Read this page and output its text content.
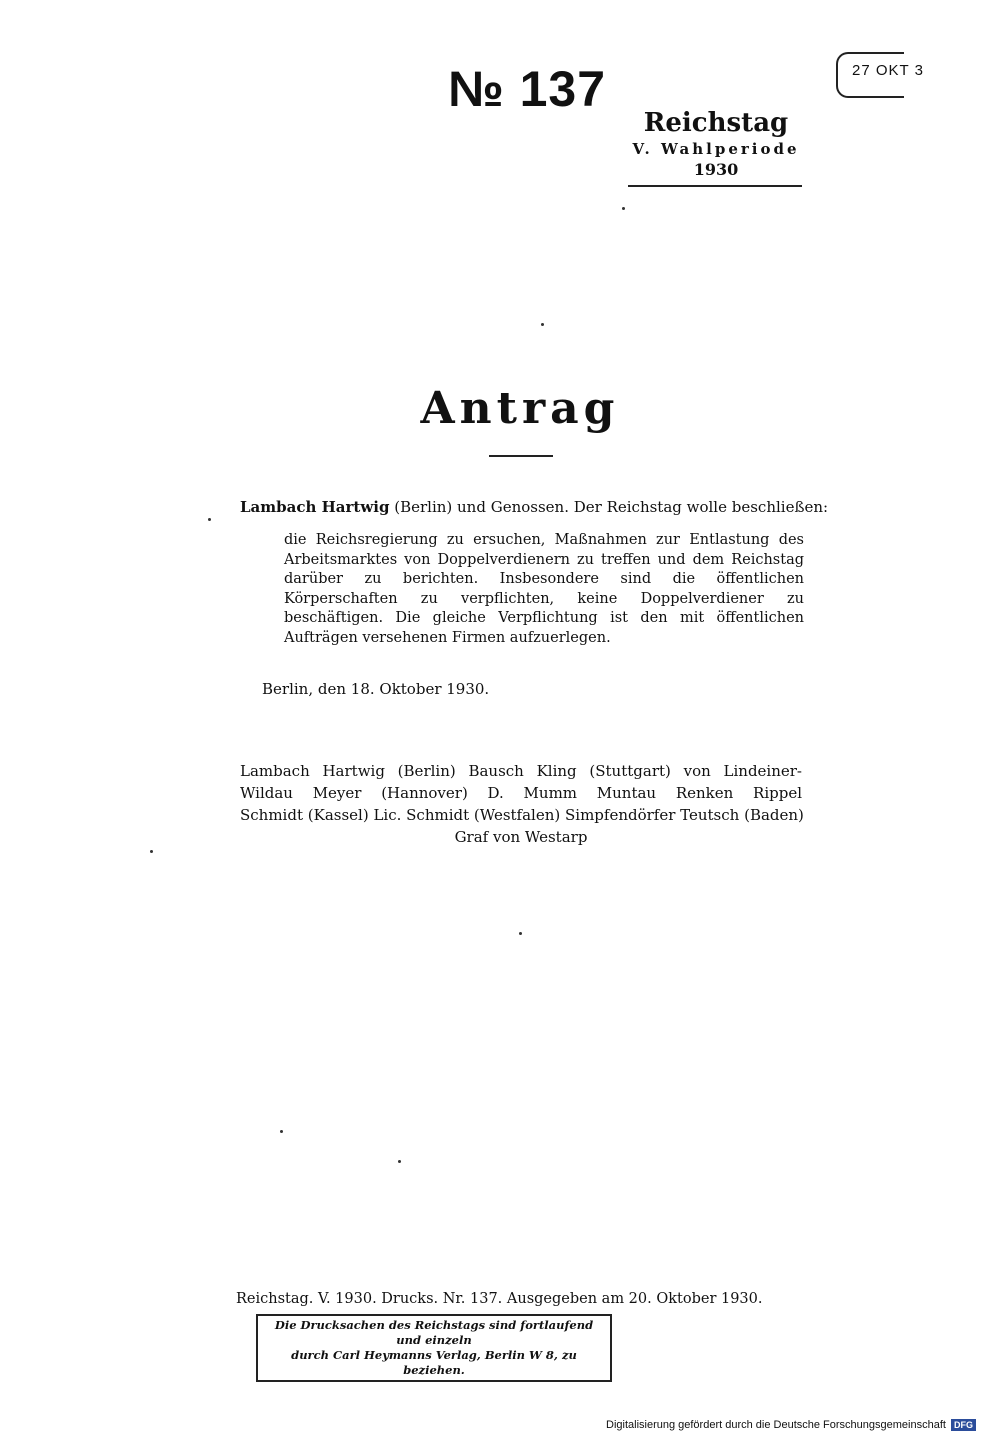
№ 137	27 OKT 3
Reichstag
V. Wahlperiode
1930
Antrag
Lambach Hartwig (Berlin) und Genossen. Der Reichstag wolle beschließen:
die Reichsregierung zu ersuchen, Maßnahmen zur Entlastung des Arbeitsmarktes von Doppelverdienern zu treffen und dem Reichstag darüber zu berichten. Insbesondere sind die öffentlichen Körperschaften zu verpflichten, keine Doppelverdiener zu beschäftigen. Die gleiche Verpflichtung ist den mit öffentlichen Aufträgen versehenen Firmen aufzuerlegen.
Berlin, den 18. Oktober 1930.
Lambach Hartwig (Berlin) Bausch Kling (Stuttgart) von Lindeiner-
Wildau Meyer (Hannover) D. Mumm Muntau Renken Rippel
Schmidt (Kassel) Lic. Schmidt (Westfalen) Simpfendörfer Teutsch (Baden)
Graf von Westarp
Reichstag. V. 1930. Drucks. Nr. 137. Ausgegeben am 20. Oktober 1930.
Die Drucksachen des Reichstags sind fortlaufend und einzeln
durch Carl Heymanns Verlag, Berlin W 8, zu beziehen.
Digitalisierung gefördert durch die Deutsche Forschungsgemeinschaft DFG
